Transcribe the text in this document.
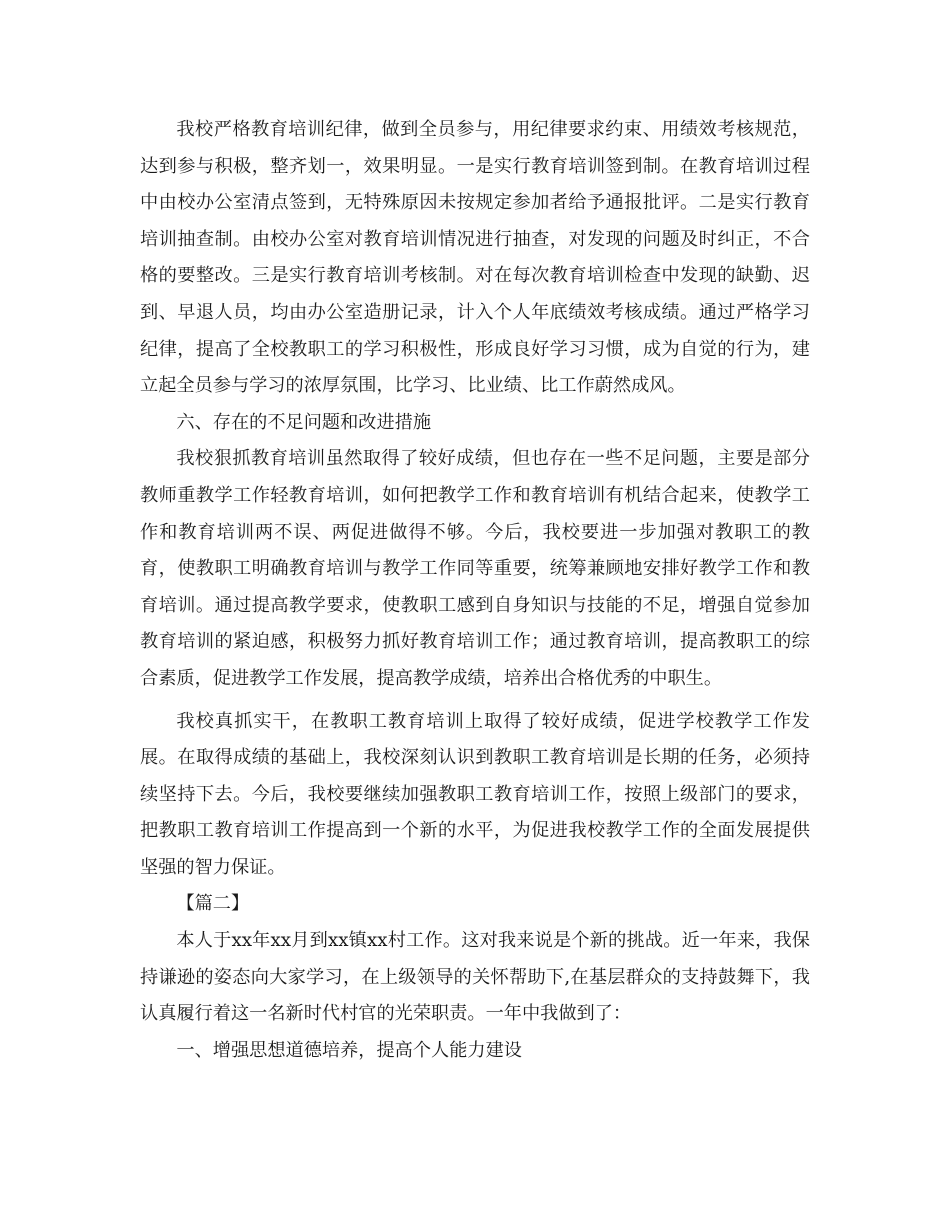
我校严格教育培训纪律，做到全员参与，用纪律要求约束、用绩效考核规范，达到参与积极，整齐划一，效果明显。一是实行教育培训签到制。在教育培训过程中由校办公室清点签到，无特殊原因未按规定参加者给予通报批评。二是实行教育培训抽查制。由校办公室对教育培训情况进行抽查，对发现的问题及时纠正，不合格的要整改。三是实行教育培训考核制。对在每次教育培训检查中发现的缺勤、迟到、早退人员，均由办公室造册记录，计入个人年底绩效考核成绩。通过严格学习纪律，提高了全校教职工的学习积极性，形成良好学习习惯，成为自觉的行为，建立起全员参与学习的浓厚氛围，比学习、比业绩、比工作蔚然成风。

六、存在的不足问题和改进措施

我校狠抓教育培训虽然取得了较好成绩，但也存在一些不足问题，主要是部分教师重教学工作轻教育培训，如何把教学工作和教育培训有机结合起来，使教学工作和教育培训两不误、两促进做得不够。今后，我校要进一步加强对教职工的教育，使教职工明确教育培训与教学工作同等重要，统筹兼顾地安排好教学工作和教育培训。通过提高教学要求，使教职工感到自身知识与技能的不足，增强自觉参加教育培训的紧迫感，积极努力抓好教育培训工作；通过教育培训，提高教职工的综合素质，促进教学工作发展，提高教学成绩，培养出合格优秀的中职生。

我校真抓实干，在教职工教育培训上取得了较好成绩，促进学校教学工作发展。在取得成绩的基础上，我校深刻认识到教职工教育培训是长期的任务，必须持续坚持下去。今后，我校要继续加强教职工教育培训工作，按照上级部门的要求，把教职工教育培训工作提高到一个新的水平，为促进我校教学工作的全面发展提供坚强的智力保证。

【篇二】

本人于xx年xx月到xx镇xx村工作。这对我来说是个新的挑战。近一年来，我保持谦逊的姿态向大家学习，在上级领导的关怀帮助下,在基层群众的支持鼓舞下，我认真履行着这一名新时代村官的光荣职责。一年中我做到了：

一、增强思想道德培养，提高个人能力建设
